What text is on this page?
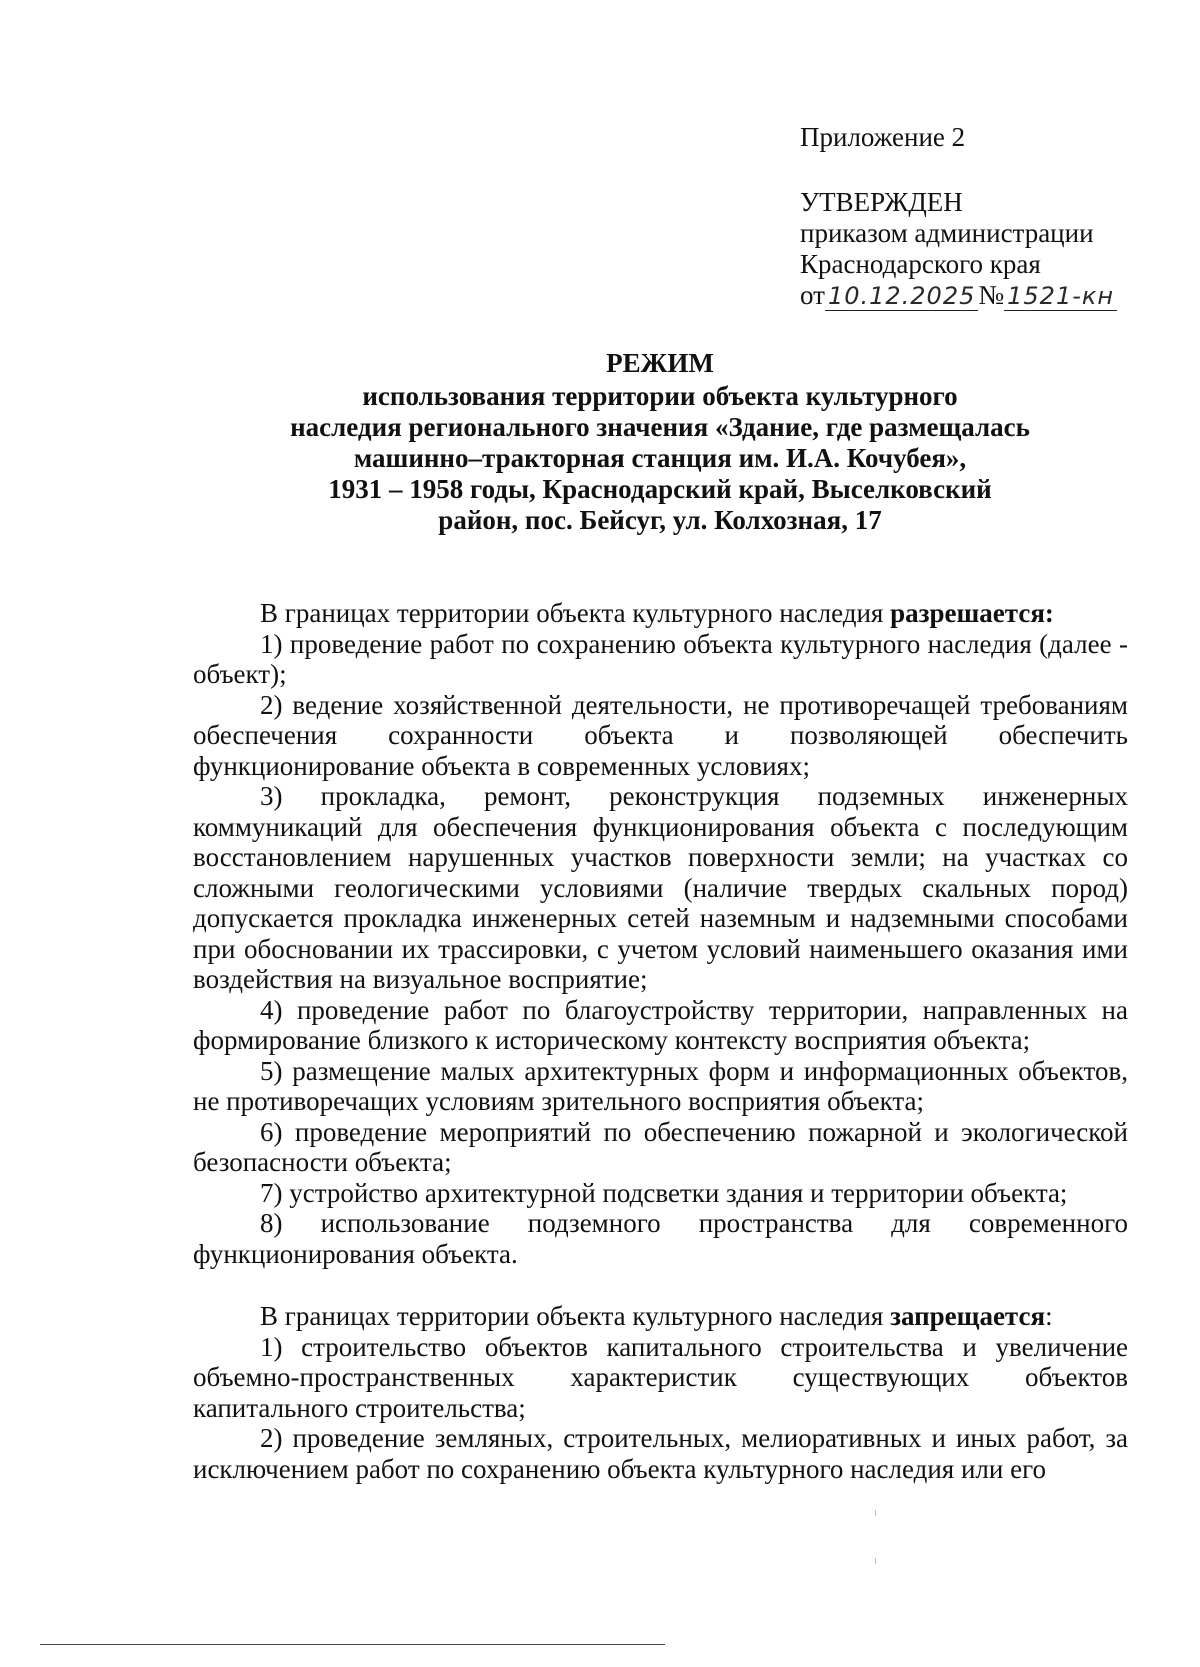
Приложение 2
УТВЕРЖДЕН
приказом администрации
Краснодарского края
от 10.12.2025 № 1521-кн
РЕЖИМ
использования территории объекта культурного
наследия регионального значения «Здание, где размещалась
машинно–тракторная станция им. И.А. Кочубея»,
1931 – 1958 годы, Краснодарский край, Выселковский
район, пос. Бейсуг, ул. Колхозная, 17

В границах территории объекта культурного наследия разрешается:

1) проведение работ по сохранению объекта культурного наследия (далее - объект);

2) ведение хозяйственной деятельности, не противоречащей требованиям обеспечения сохранности объекта и позволяющей обеспечить функционирование объекта в современных условиях;

3) прокладка, ремонт, реконструкция подземных инженерных коммуникаций для обеспечения функционирования объекта с последующим восстановлением нарушенных участков поверхности земли; на участках со сложными геологическими условиями (наличие твердых скальных пород) допускается прокладка инженерных сетей наземным и надземными способами при обосновании их трассировки, с учетом условий наименьшего оказания ими воздействия на визуальное восприятие;

4) проведение работ по благоустройству территории, направленных на формирование близкого к историческому контексту восприятия объекта;

5) размещение малых архитектурных форм и информационных объектов, не противоречащих условиям зрительного восприятия объекта;

6) проведение мероприятий по обеспечению пожарной и экологической безопасности объекта;

7) устройство архитектурной подсветки здания и территории объекта;

8) использование подземного пространства для современного функционирования объекта.

В границах территории объекта культурного наследия запрещается:

1) строительство объектов капитального строительства и увеличение объемно-пространственных характеристик существующих объектов капитального строительства;

2) проведение земляных, строительных, мелиоративных и иных работ, за исключением работ по сохранению объекта культурного наследия или его
